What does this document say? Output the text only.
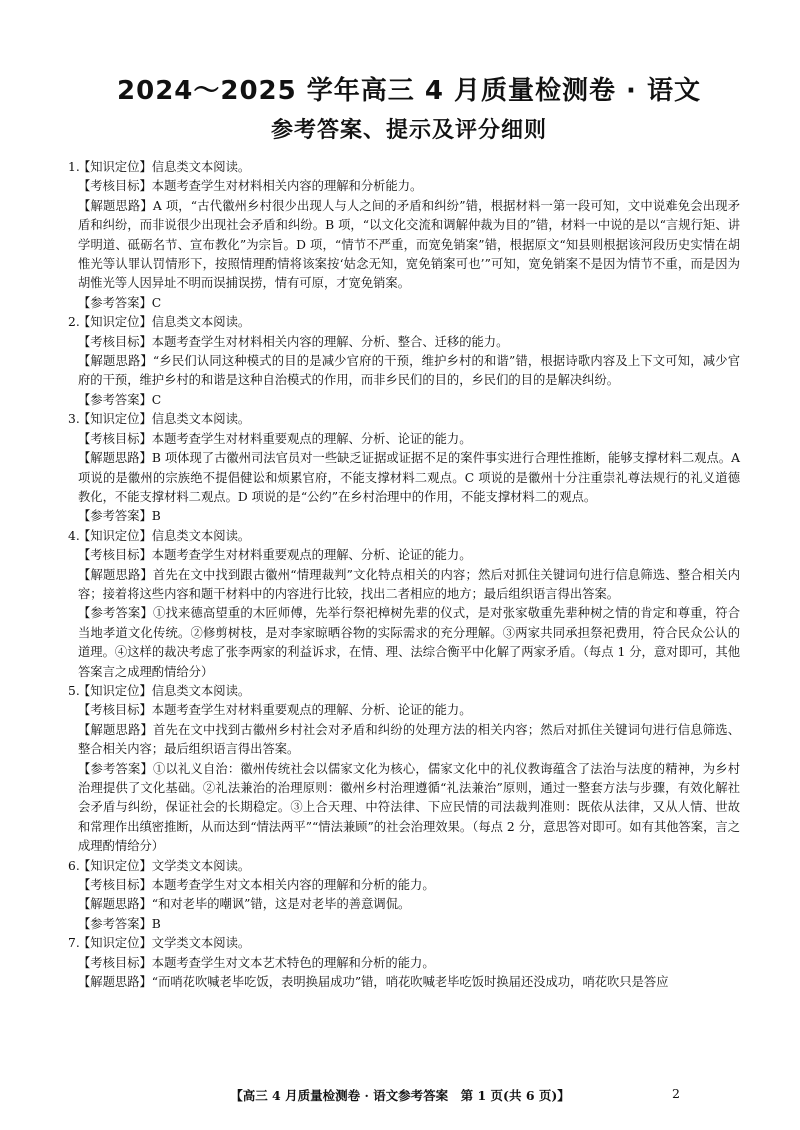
2024～2025 学年高三 4 月质量检测卷 · 语文
参考答案、提示及评分细则
1.

【知识定位】信息类文本阅读。

【考核目标】本题考查学生对材料相关内容的理解和分析能力。

【解题思路】A 项，“古代徽州乡村很少出现人与人之间的矛盾和纠纷”错，根据材料一第一段可知，文中说难免会出现矛盾和纠纷，而非说很少出现社会矛盾和纠纷。B 项，“以文化交流和调解仲裁为目的”错，材料一中说的是以“言规行矩、讲学明道、砥砺名节、宣布教化”为宗旨。D 项，“情节不严重，而宽免销案”错，根据原文“知县则根据该河段历史实情在胡惟光等认罪认罚情形下，按照情理酌情将该案按‘姑念无知，宽免销案可也’”可知，宽免销案不是因为情节不重，而是因为胡惟光等人因异址不明而误捕误捞，情有可原，才宽免销案。

【参考答案】C

2.

【知识定位】信息类文本阅读。

【考核目标】本题考查学生对材料相关内容的理解、分析、整合、迁移的能力。

【解题思路】“乡民们认同这种模式的目的是减少官府的干预，维护乡村的和谐”错，根据诗歌内容及上下文可知，减少官府的干预，维护乡村的和谐是这种自治模式的作用，而非乡民们的目的，乡民们的目的是解决纠纷。

【参考答案】C

3.

【知识定位】信息类文本阅读。

【考核目标】本题考查学生对材料重要观点的理解、分析、论证的能力。

【解题思路】B 项体现了古徽州司法官员对一些缺乏证据或证据不足的案件事实进行合理性推断，能够支撑材料二观点。A 项说的是徽州的宗族绝不提倡健讼和烦累官府，不能支撑材料二观点。C 项说的是徽州十分注重崇礼尊法规行的礼义道德教化，不能支撑材料二观点。D 项说的是“公约”在乡村治理中的作用，不能支撑材料二的观点。

【参考答案】B

4.

【知识定位】信息类文本阅读。

【考核目标】本题考查学生对材料重要观点的理解、分析、论证的能力。

【解题思路】首先在文中找到跟古徽州“情理裁判”文化特点相关的内容；然后对抓住关键词句进行信息筛选、整合相关内容；接着将这些内容和题干材料中的内容进行比较，找出二者相应的地方；最后组织语言得出答案。

【参考答案】①找来德高望重的木匠师傅，先举行祭祀樟树先辈的仪式，是对张家敬重先辈种树之情的肯定和尊重，符合当地孝道文化传统。②修剪树枝，是对李家晾晒谷物的实际需求的充分理解。③两家共同承担祭祀费用，符合民众公认的道理。④这样的裁决考虑了张李两家的利益诉求，在情、理、法综合衡平中化解了两家矛盾。（每点 1 分，意对即可，其他答案言之成理酌情给分）

5.

【知识定位】信息类文本阅读。

【考核目标】本题考查学生对材料重要观点的理解、分析、论证的能力。

【解题思路】首先在文中找到古徽州乡村社会对矛盾和纠纷的处理方法的相关内容；然后对抓住关键词句进行信息筛选、整合相关内容；最后组织语言得出答案。

【参考答案】①以礼义自治：徽州传统社会以儒家文化为核心，儒家文化中的礼仪教诲蕴含了法治与法度的精神，为乡村治理提供了文化基础。②礼法兼治的治理原则：徽州乡村治理遵循“礼法兼治”原则，通过一整套方法与步骤，有效化解社会矛盾与纠纷，保证社会的长期稳定。③上合天理、中符法律、下应民情的司法裁判准则：既依从法律，又从人情、世故和常理作出缜密推断，从而达到“情法两平”“情法兼顾”的社会治理效果。（每点 2 分，意思答对即可。如有其他答案，言之成理酌情给分）

6.

【知识定位】文学类文本阅读。

【考核目标】本题考查学生对文本相关内容的理解和分析的能力。

【解题思路】“和对老毕的嘲讽”错，这是对老毕的善意调侃。

【参考答案】B

7.

【知识定位】文学类文本阅读。

【考核目标】本题考查学生对文本艺术特色的理解和分析的能力。

【解题思路】“而哨花吹喊老毕吃饭，表明换届成功”错，哨花吹喊老毕吃饭时换届还没成功，哨花吹只是答应

【高三 4 月质量检测卷 · 语文参考答案　第 1 页(共 6 页)】	2
